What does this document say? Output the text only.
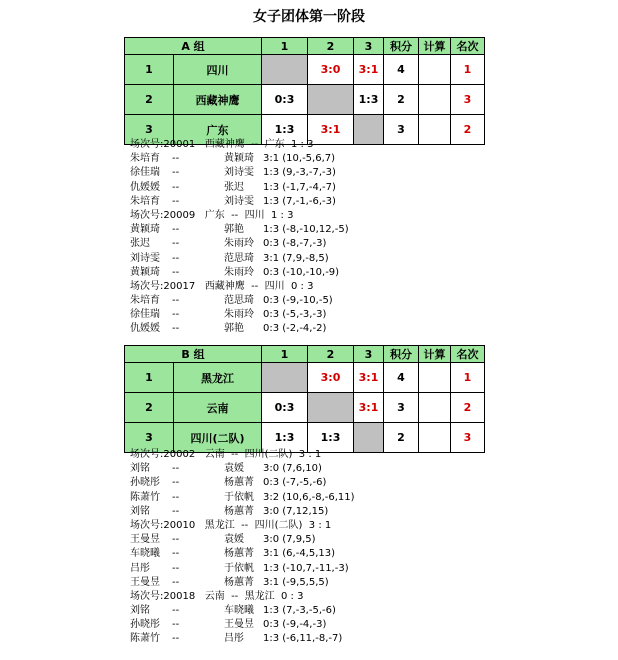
女子团体第一阶段
A 组		1	2	3	积分	计算	名次
1	四川		3:0	3:1	4		1
2	西藏神鹰	0:3		1:3	2		3
3	广东	1:3	3:1		3		2
场次号:20001   西藏神鹰  --  广东  1 : 3
朱培育 --	黄颖琦 3:1 (10,-5,6,7)
徐佳瑞 --	刘诗雯 1:3 (9,-3,-7,-3)
仇媛媛 --	张迟 1:3 (-1,7,-4,-7)
朱培育 --	刘诗雯 1:3 (7,-1,-6,-3)
场次号:20009   广东  --  四川  1 : 3
黄颖琦 --	郭艳 1:3 (-8,-10,12,-5)
张迟 --	朱雨玲 0:3 (-8,-7,-3)
刘诗雯 --	范思琦 3:1 (7,9,-8,5)
黄颖琦 --	朱雨玲 0:3 (-10,-10,-9)
场次号:20017   西藏神鹰  --  四川  0 : 3
朱培育 --	范思琦 0:3 (-9,-10,-5)
徐佳瑞 --	朱雨玲 0:3 (-5,-3,-3)
仇媛媛 --	郭艳 0:3 (-2,-4,-2)
B 组		1	2	3	积分	计算	名次
1	黑龙江		3:0	3:1	4		1
2	云南	0:3		3:1	3		2
3	四川(二队)	1:3	1:3		2		3
场次号:20002   云南  --  四川(二队)  3 : 1
刘铭 --	袁媛 3:0 (7,6,10)
孙晓彤 --	杨蕙菁 0:3 (-7,-5,-6)
陈萧竹 --	于依帆 3:2 (10,6,-8,-6,11)
刘铭 --	杨蕙菁 3:0 (7,12,15)
场次号:20010   黑龙江  --  四川(二队)  3 : 1
王曼昱 --	袁媛 3:0 (7,9,5)
车晓曦 --	杨蕙菁 3:1 (6,-4,5,13)
吕彤 --	于依帆 1:3 (-10,7,-11,-3)
王曼昱 --	杨蕙菁 3:1 (-9,5,5,5)
场次号:20018   云南  --  黑龙江  0 : 3
刘铭 --	车晓曦 1:3 (7,-3,-5,-6)
孙晓彤 --	王曼昱 0:3 (-9,-4,-3)
陈萧竹 --	吕彤 1:3 (-6,11,-8,-7)
